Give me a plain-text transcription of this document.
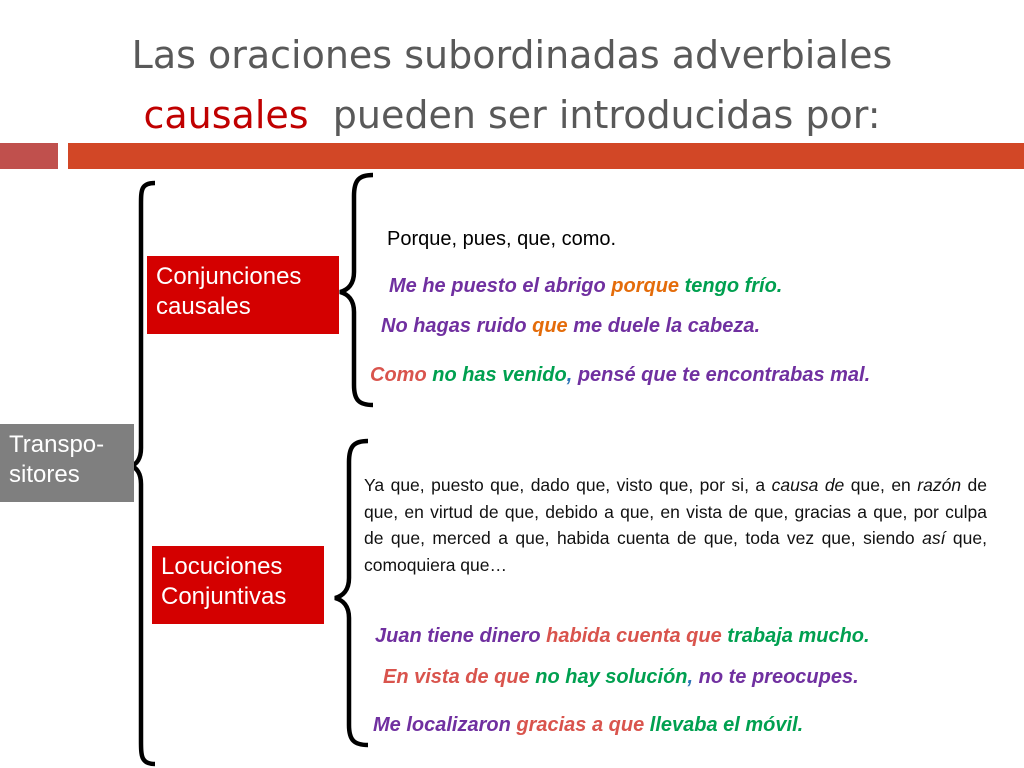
Las oraciones subordinadas adverbiales
causales pueden ser introducidas por:
Transpo-
sitores
Conjunciones
causales
Locuciones
Conjuntivas
Porque, pues, que, como.
Me he puesto el abrigo porque tengo frío.
No hagas ruido que me duele la cabeza.
Como no has venido, pensé que te encontrabas mal.
Ya que, puesto que, dado que, visto que, por si, a causa de que, en razón de que, en virtud de que, debido a que, en vista de que, gracias a que, por culpa de que, merced a que, habida cuenta de que, toda vez que, siendo así que, comoquiera que…
Juan tiene dinero habida cuenta que trabaja mucho.
En vista de que no hay solución, no te preocupes.
Me localizaron gracias a que llevaba el móvil.
